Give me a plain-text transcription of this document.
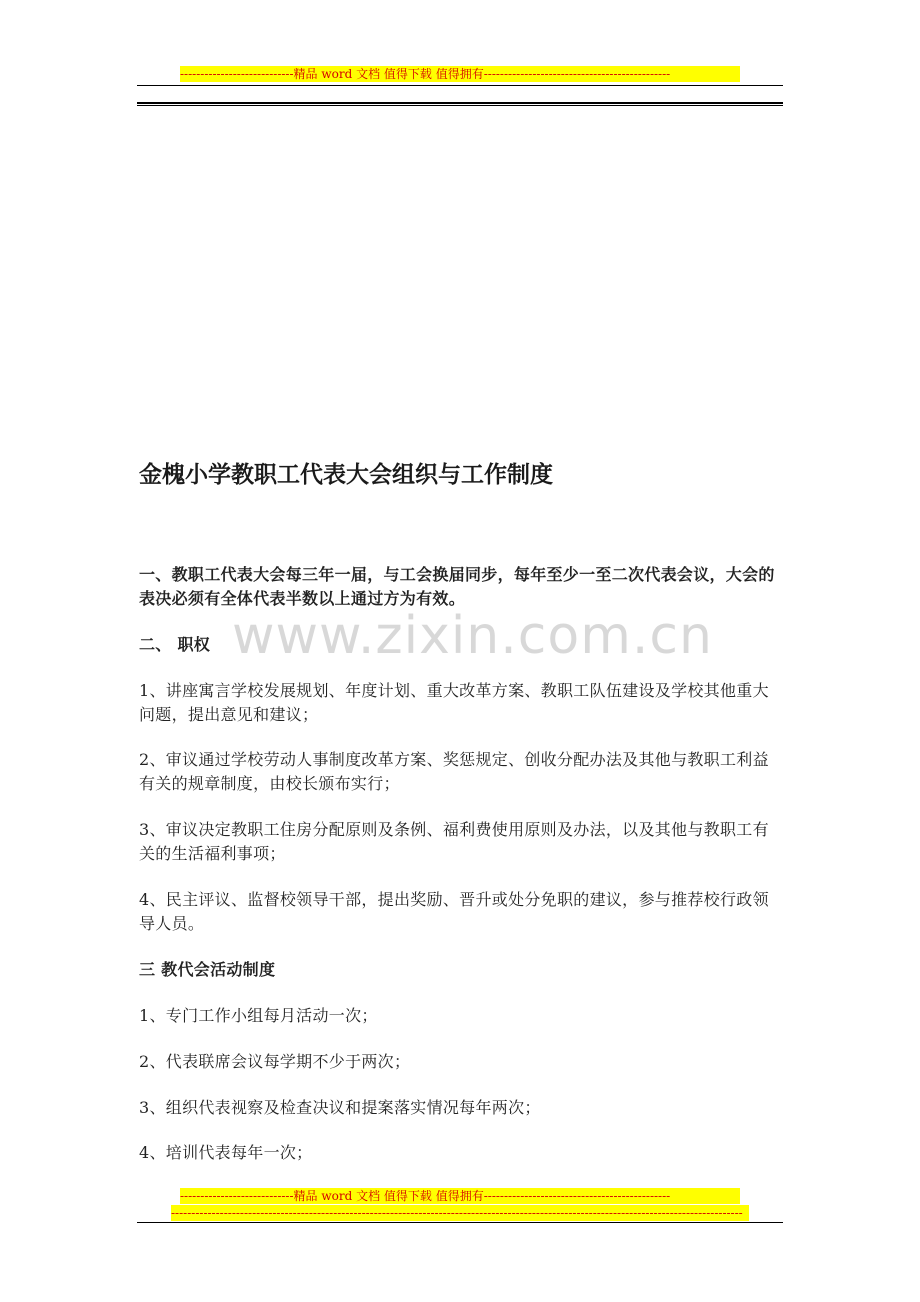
----------------------------精品 word 文档 值得下载 值得拥有----------------------------------------------
www.zixin.com.cn
金槐小学教职工代表大会组织与工作制度

一、教职工代表大会每三年一届，与工会换届同步，每年至少一至二次代表会议，大会的表决必须有全体代表半数以上通过方为有效。

二、 职权

1、讲座寓言学校发展规划、年度计划、重大改革方案、教职工队伍建设及学校其他重大问题，提出意见和建议；

2、审议通过学校劳动人事制度改革方案、奖惩规定、创收分配办法及其他与教职工利益有关的规章制度，由校长颁布实行；

3、审议决定教职工住房分配原则及条例、福利费使用原则及办法，以及其他与教职工有关的生活福利事项；

4、民主评议、监督校领导干部，提出奖励、晋升或处分免职的建议，参与推荐校行政领导人员。

三 教代会活动制度

1、专门工作小组每月活动一次；

2、代表联席会议每学期不少于两次；

3、组织代表视察及检查决议和提案落实情况每年两次；

4、培训代表每年一次；

----------------------------精品 word 文档 值得下载 值得拥有----------------------------------------------
---------------------------------------------------------------------------------------------------------------------------------------------
